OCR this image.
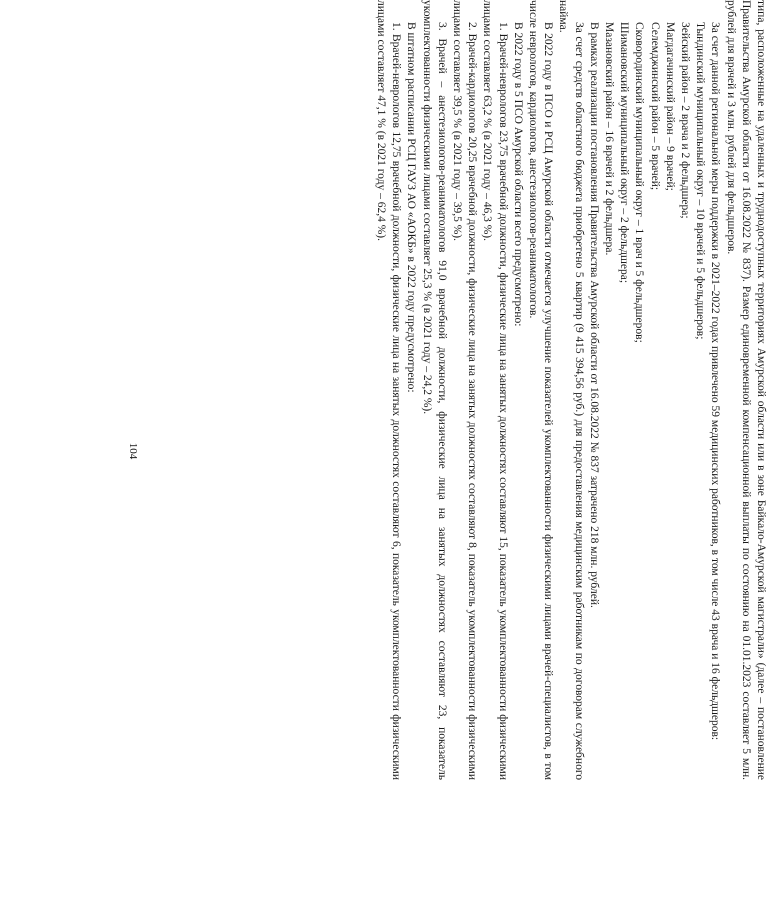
104	типа, расположенные на удаленных и труднодоступных территориях Амурской области или в зоне Байкало-Амурской магистрали» (далее – постановление Правительства Амурской области от 16.08.2022 № 837). Размер единовременной компенсационной выплаты по состоянию на 01.01.2023 составляет 5 млн. рублей для врачей и 3 млн. рублей для фельдшеров.

За счет данной региональной меры поддержки в 2021–2022 годах привлечено 59 медицинских работников, в том числе 43 врача и 16 фельдшеров:

Тындинский муниципальный округ – 10 врачей и 5 фельдшеров;

Зейский район – 2 врача и 2 фельдшера;

Магдагачинский район – 9 врачей;

Селемджинский район – 5 врачей;

Сковородинский муниципальный округ – 1 врач и 5 фельдшеров;

Шимановский муниципальный округ – 2 фельдшера;

Мазановский район – 16 врачей и 2 фельдшера.

В рамках реализации постановления Правительства Амурской области от 16.08.2022 № 837 затрачено 218 млн. рублей.

За счет средств областного бюджета приобретено 5 квартир (9 415 394,56 руб.) для предоставления медицинским работникам по договорам служебного найма.

В 2022 году в ПСО и РСЦ Амурской области отмечается улучшение показателей укомплектованности физическими лицами врачей-специалистов, в том числе неврологов, кардиологов, анестезиологов-реаниматологов.

В 2022 году в 5 ПСО Амурской области всего предусмотрено:

1. Врачей-неврологов 23,75 врачебной должности, физические лица на занятых должностях составляют 15, показатель укомплектованности физическими лицами составляет 63,2 % (в 2021 году – 46,3 %).

2. Врачей-кардиологов 20,25 врачебной должности, физические лица на занятых должностях составляют 8, показатель укомплектованности физическими лицами составляет 39,5 % (в 2021 году – 39,5 %).

3. Врачей – анестезиологов-реаниматологов 91,0 врачебной должности, физические лица на занятых должностях составляют 23, показатель укомплектованности физическими лицами составляет 25,3 % (в 2021 году – 24,2 %).

В штатном расписании РСЦ ГАУЗ АО «АОКБ» в 2022 году предусмотрено:

1. Врачей-неврологов 12,75 врачебной должности, физические лица на занятых должностях составляют 6, показатель укомплектованности физическими лицами составляет 47,1 % (в 2021 году – 62,4 %).
